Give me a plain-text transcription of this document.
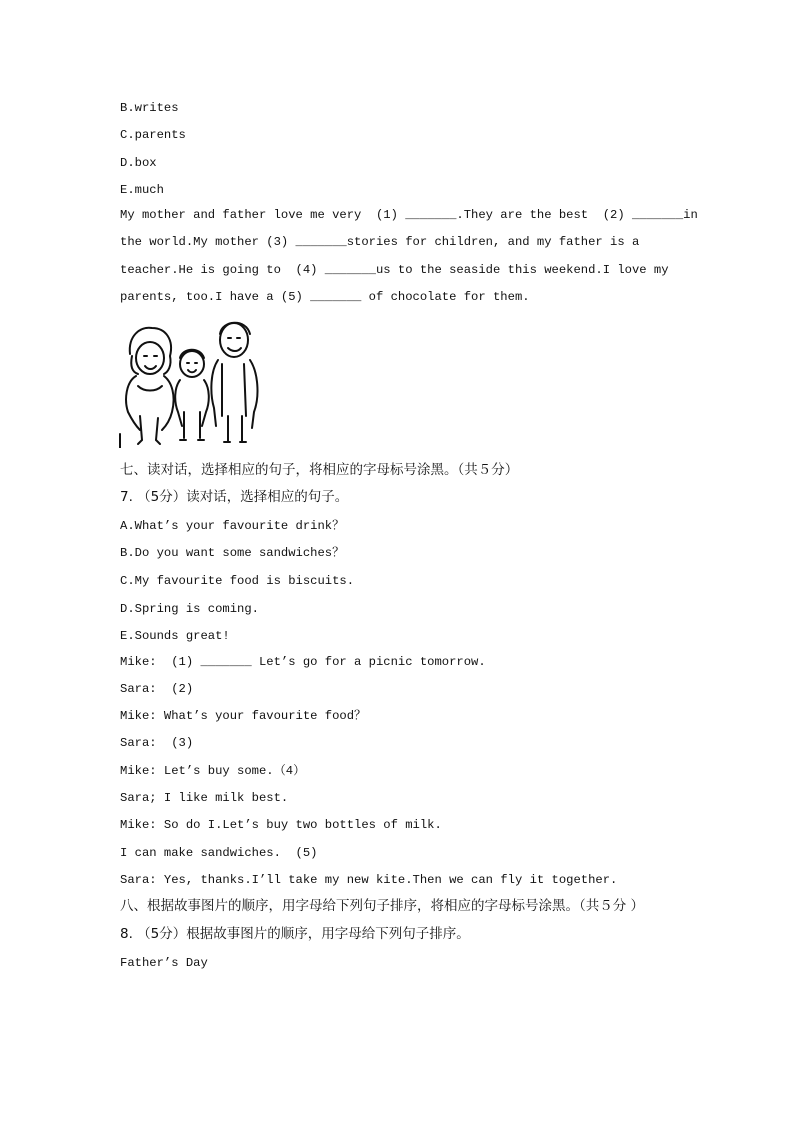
B.writes
C.parents
D.box
E.much
My mother and father love me very  (1) _______.They are the best  (2) _______in
the world.My mother (3) _______stories for children, and my father is a
teacher.He is going to  (4) _______us to the seaside this weekend.I love my
parents, too.I have a (5) _______ of chocolate for them.
七、读对话，选择相应的句子，将相应的字母标号涂黑。（共５分）
7. （5分）读对话，选择相应的句子。
A.What’s your favourite drink？
B.Do you want some sandwiches？
C.My favourite food is biscuits.
D.Spring is coming.
E.Sounds great!
Mike:  (1) _______ Let’s go for a picnic tomorrow.
Sara:  (2)
Mike: What’s your favourite food？
Sara:  (3)
Mike: Let’s buy some.（4）
Sara; I like milk best.
Mike: So do I.Let’s buy two bottles of milk.
I can make sandwiches.  (5)
Sara: Yes, thanks.I’ll take my new kite.Then we can fly it together.
八、根据故事图片的顺序，用字母给下列句子排序，将相应的字母标号涂黑。（共５分 ）
8. （5分）根据故事图片的顺序，用字母给下列句子排序。
Father’s Day
